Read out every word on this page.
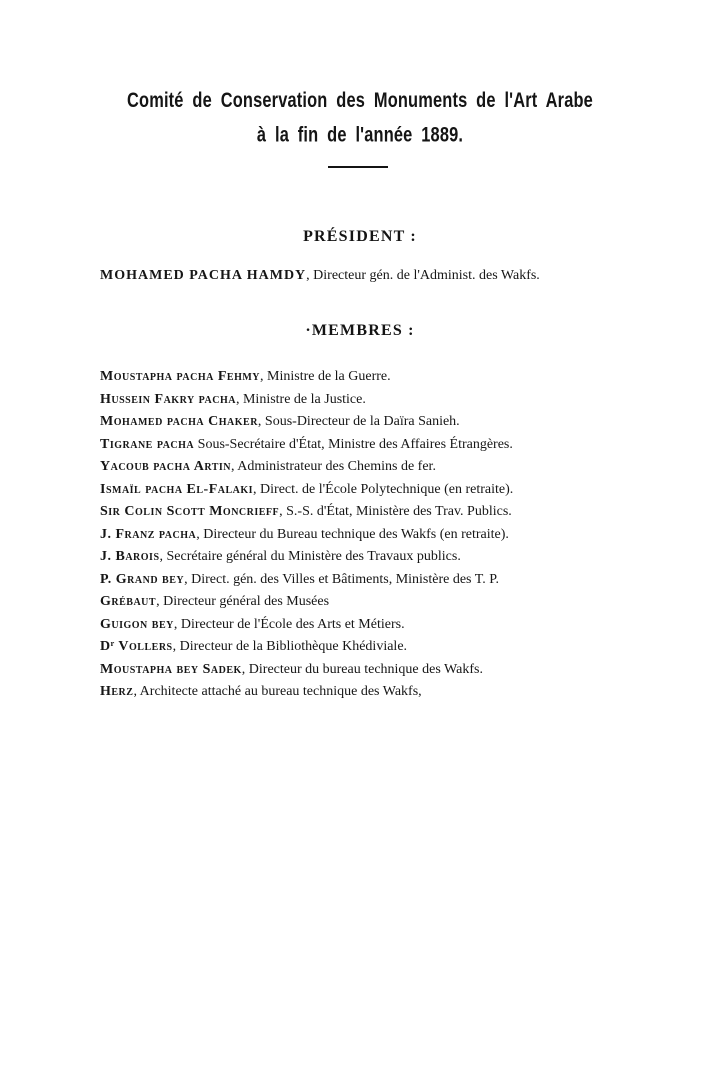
Comité de Conservation des Monuments de l'Art Arabe
à la fin de l'année 1889.
PRÉSIDENT :

MOHAMED PACHA HAMDY, Directeur gén. de l'Administ. des Wakfs.

·MEMBRES :
Moustapha pacha Fehmy, Ministre de la Guerre.
Hussein Fakry pacha, Ministre de la Justice.
Mohamed pacha Chaker, Sous-Directeur de la Daïra Sanieh.
Tigrane pacha Sous-Secrétaire d'État, Ministre des Affaires Étrangères.
Yacoub pacha Artin, Administrateur des Chemins de fer.
Ismaïl pacha El-Falaki, Direct. de l'École Polytechnique (en retraite).
Sir Colin Scott Moncrieff, S.-S. d'État, Ministère des Trav. Publics.
J. Franz pacha, Directeur du Bureau technique des Wakfs (en retraite).
J. Barois, Secrétaire général du Ministère des Travaux publics.
P. Grand bey, Direct. gén. des Villes et Bâtiments, Ministère des T. P.
Grébaut, Directeur général des Musées
Guigon bey, Directeur de l'École des Arts et Métiers.
Dʳ Vollers, Directeur de la Bibliothèque Khédiviale.
Moustapha bey Sadek, Directeur du bureau technique des Wakfs.
Herz, Architecte attaché au bureau technique des Wakfs,
